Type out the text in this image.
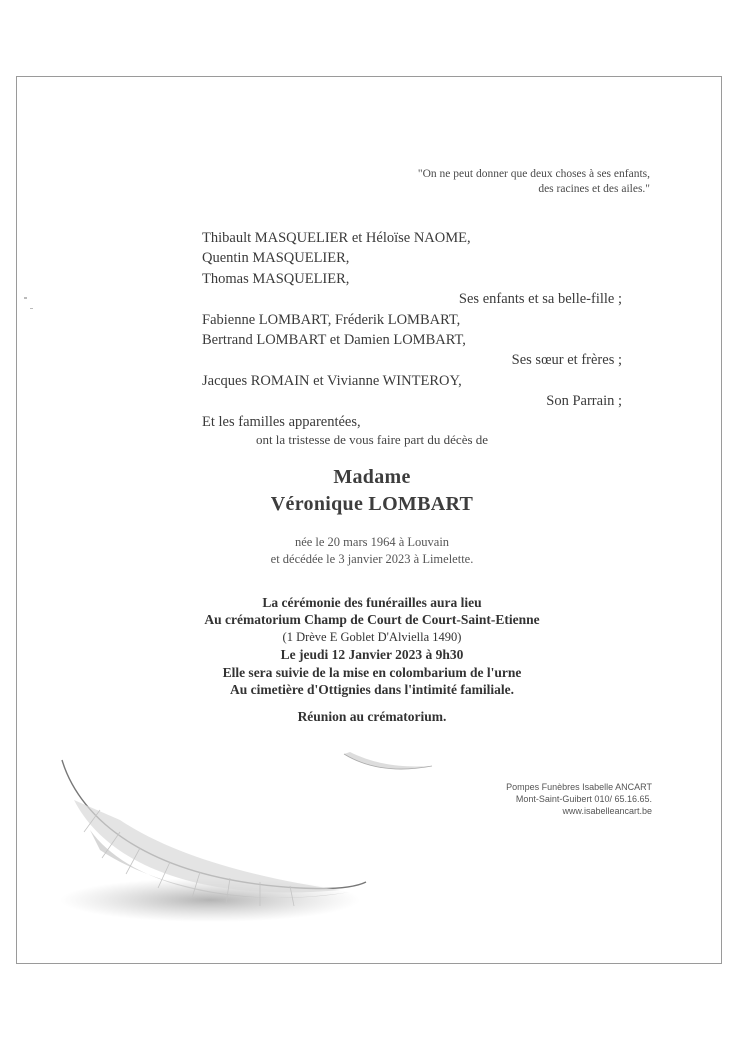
"On ne peut donner que deux choses à ses enfants,
des racines et des ailes."
Thibault MASQUELIER et Héloïse NAOME,
Quentin MASQUELIER,
Thomas MASQUELIER,
Ses enfants et sa belle-fille ;
Fabienne LOMBART, Fréderik LOMBART,
Bertrand LOMBART et Damien LOMBART,
Ses sœur et frères ;
Jacques ROMAIN et Vivianne WINTEROY,
Son Parrain ;
Et les familles apparentées,
ont la tristesse de vous faire part du décès de
Madame
Véronique LOMBART
née le 20 mars 1964 à Louvain
et décédée le 3 janvier 2023 à Limelette.
La cérémonie des funérailles aura lieu
Au crématorium Champ de Court de Court-Saint-Etienne
(1 Drève E Goblet D'Alviella 1490)
Le jeudi 12 Janvier 2023 à 9h30
Elle sera suivie de la mise en colombarium de l'urne
Au cimetière d'Ottignies dans l'intimité familiale.
Réunion au crématorium.
Pompes Funèbres Isabelle ANCART
Mont-Saint-Guibert 010/ 65.16.65.
www.isabelleancart.be
